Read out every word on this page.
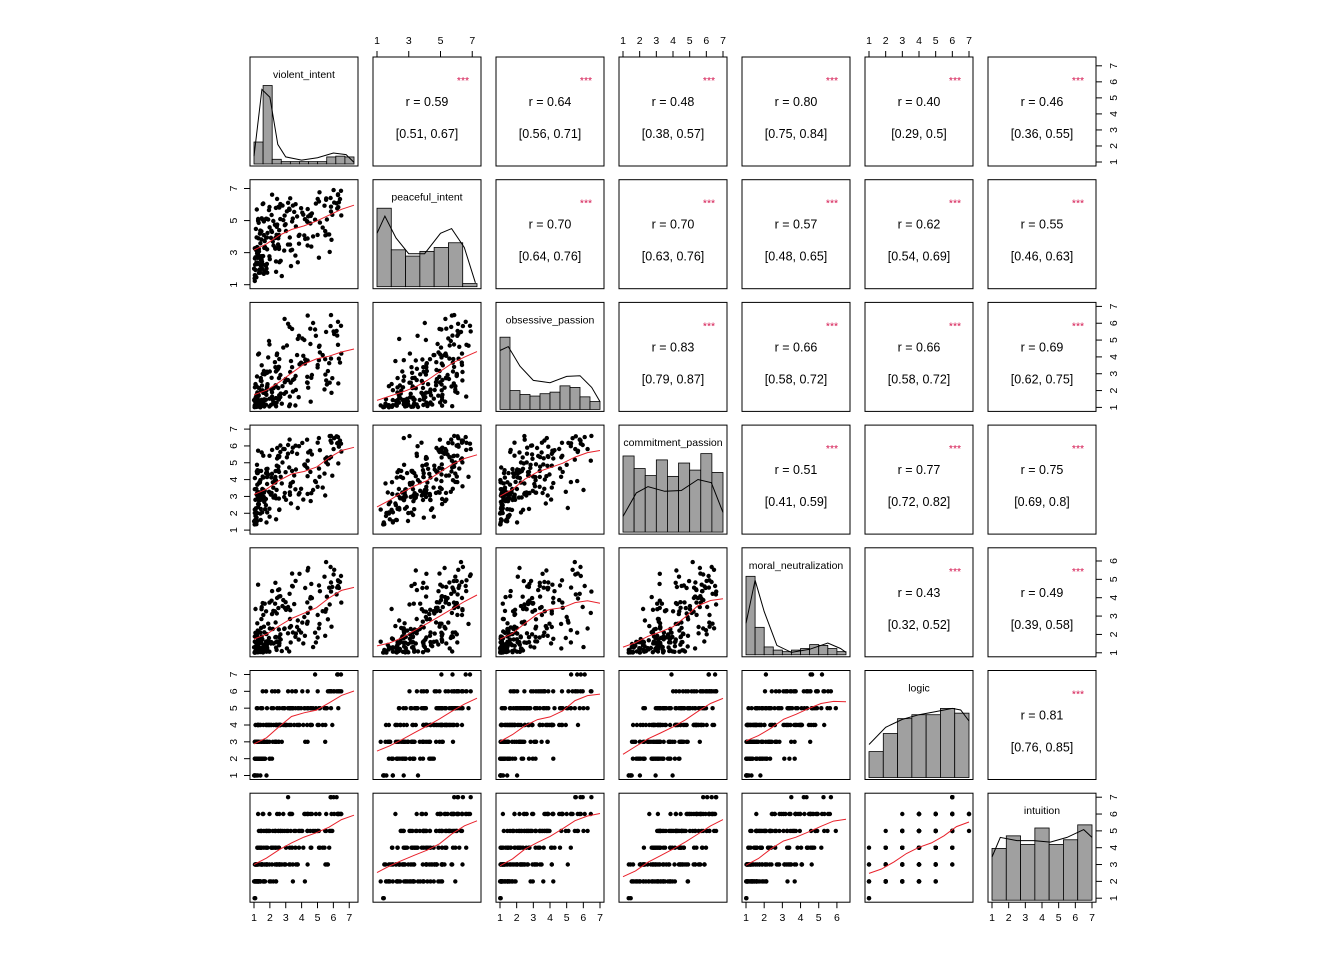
violent_intent	***
r = 0.59
[0.51, 0.67]
***
r = 0.64
[0.56, 0.71]
***
r = 0.48
[0.38, 0.57]
***
r = 0.80
[0.75, 0.84]
***
r = 0.40
[0.29, 0.5]
***
r = 0.46
[0.36, 0.55]
peaceful_intent	***
r = 0.70
[0.64, 0.76]
***
r = 0.70
[0.63, 0.76]
***
r = 0.57
[0.48, 0.65]
***
r = 0.62
[0.54, 0.69]
***
r = 0.55
[0.46, 0.63]
obsessive_passion	***
r = 0.83
[0.79, 0.87]
***
r = 0.66
[0.58, 0.72]
***
r = 0.66
[0.58, 0.72]
***
r = 0.69
[0.62, 0.75]
commitment_passion	***
r = 0.51
[0.41, 0.59]
***
r = 0.77
[0.72, 0.82]
***
r = 0.75
[0.69, 0.8]
moral_neutralization	***
r = 0.43
[0.32, 0.52]
***
r = 0.49
[0.39, 0.58]
logic	***
r = 0.81
[0.76, 0.85]
intuition
1 3 5 7	1 2 3 4 5 6 7	1 2 3 4 5 6 7
1 2 3 4 5 6 7	1 2 3 4 5 6 7	1 2 3 4 5 6	1 2 3 4 5 6 7
1
3
5
7
1
2
3
4
5
6
7
1
2
3
4
5
6
7
1
2
3
4
5
6
7
1
2
3
4
5
6
7
1
2
3
4
5
6
1
2
3
4
5
6
7
